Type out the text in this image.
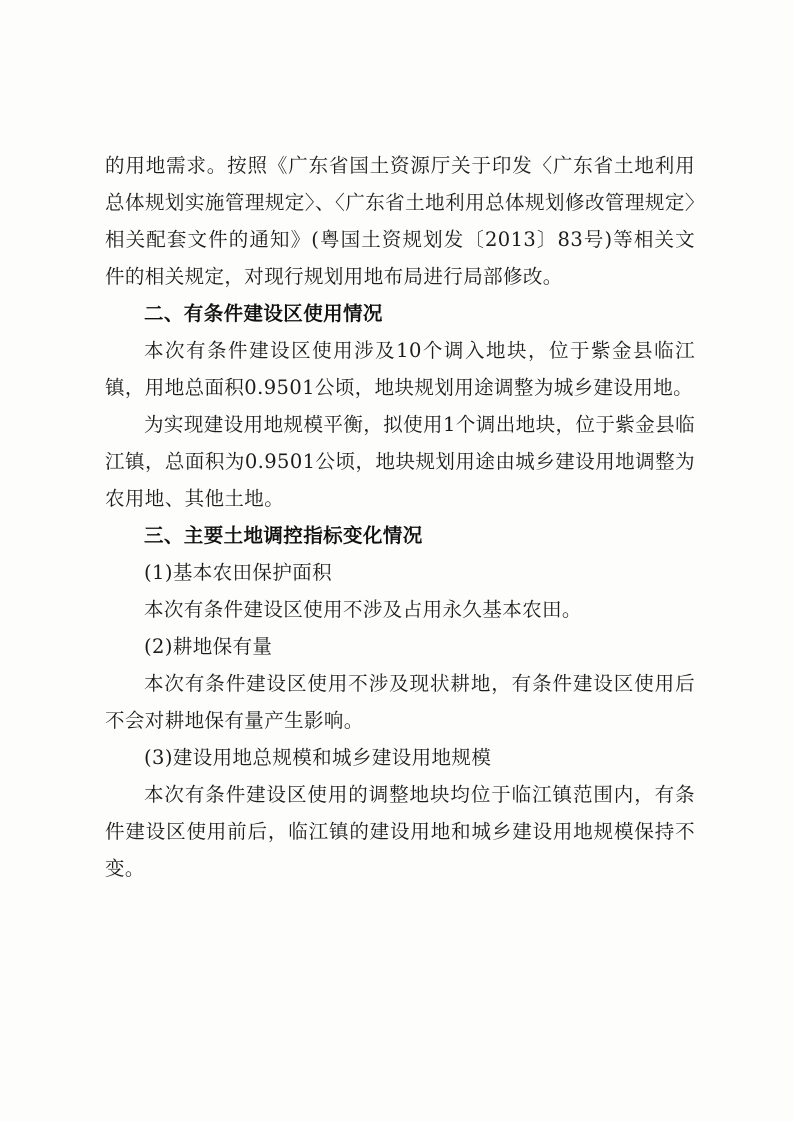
的用地需求。按照《广东省国土资源厅关于印发〈广东省土地利用总体规划实施管理规定〉、〈广东省土地利用总体规划修改管理规定〉相关配套文件的通知》(粤国土资规划发〔2013〕83号)等相关文件的相关规定，对现行规划用地布局进行局部修改。

二、有条件建设区使用情况

本次有条件建设区使用涉及10个调入地块，位于紫金县临江镇，用地总面积0.9501公顷，地块规划用途调整为城乡建设用地。

为实现建设用地规模平衡，拟使用1个调出地块，位于紫金县临江镇，总面积为0.9501公顷，地块规划用途由城乡建设用地调整为农用地、其他土地。

三、主要土地调控指标变化情况

(1)基本农田保护面积

本次有条件建设区使用不涉及占用永久基本农田。

(2)耕地保有量

本次有条件建设区使用不涉及现状耕地，有条件建设区使用后不会对耕地保有量产生影响。

(3)建设用地总规模和城乡建设用地规模

本次有条件建设区使用的调整地块均位于临江镇范围内，有条件建设区使用前后，临江镇的建设用地和城乡建设用地规模保持不变。
